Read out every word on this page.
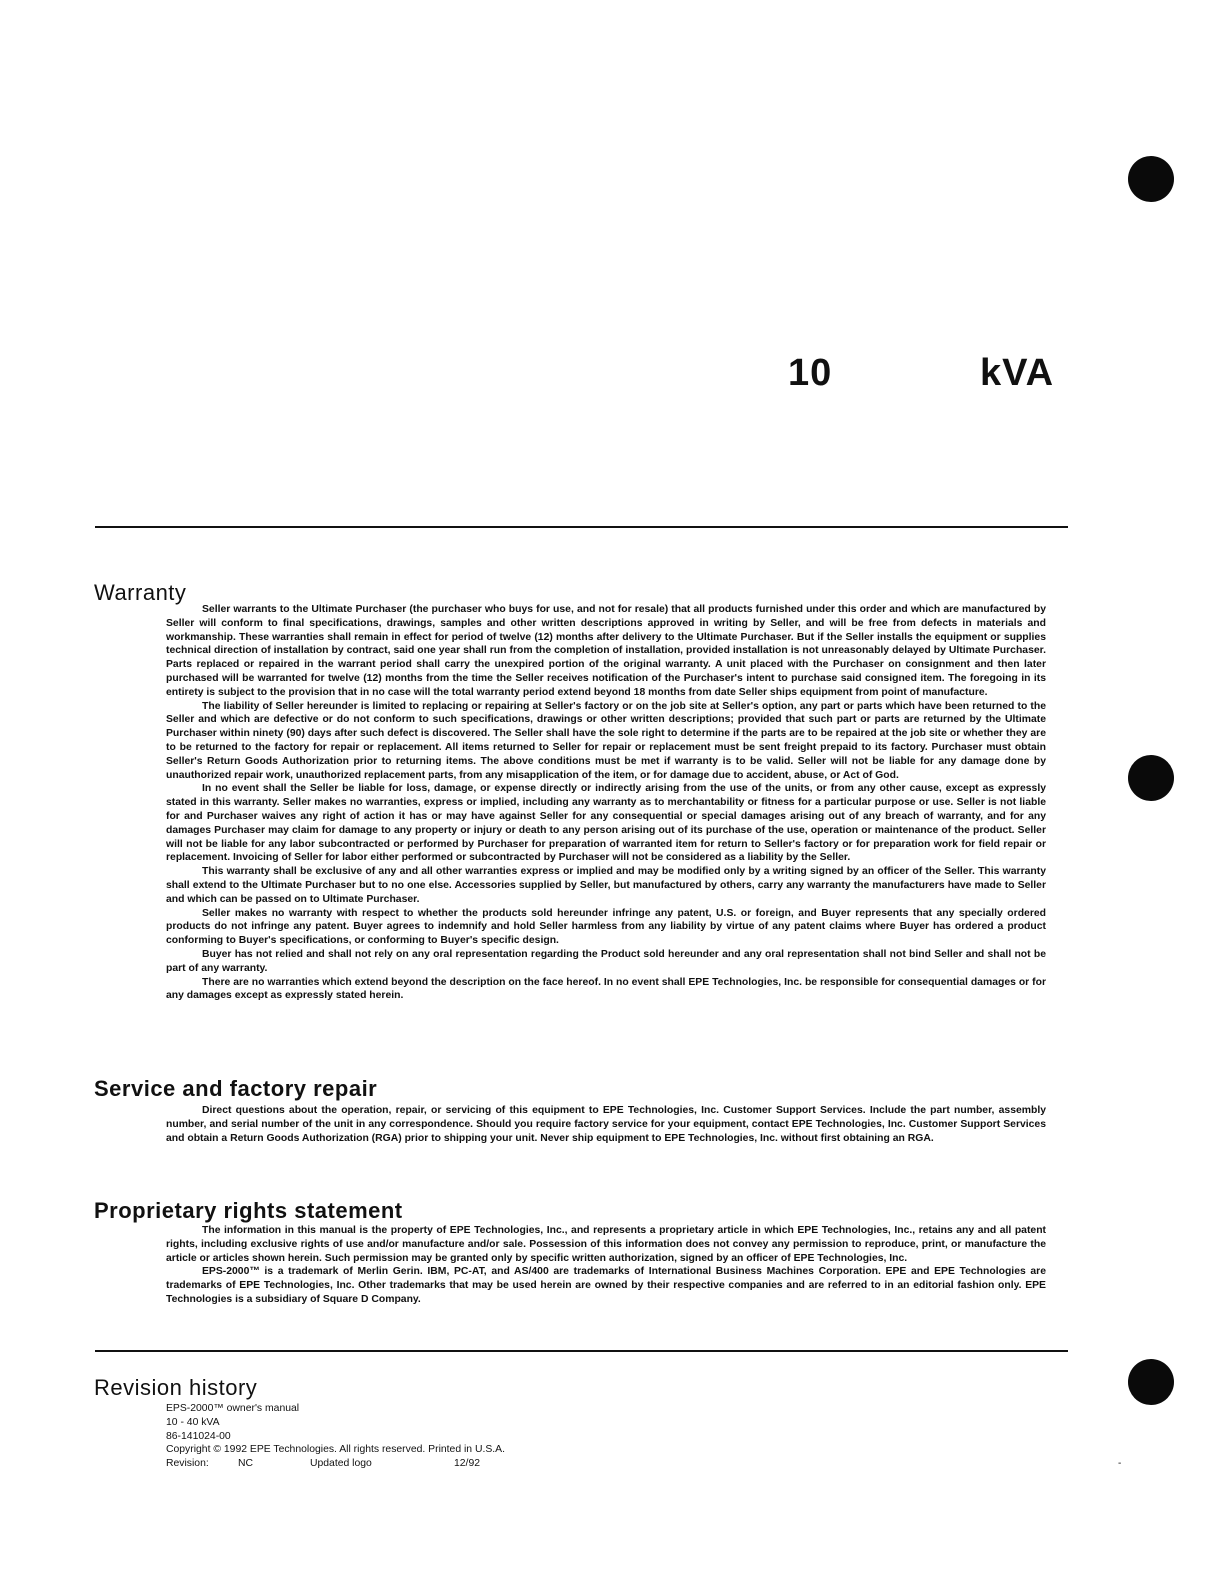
10	kVA
Warranty

Seller warrants to the Ultimate Purchaser (the purchaser who buys for use, and not for resale) that all products furnished under this order and which are manufactured by Seller will conform to final specifications, drawings, samples and other written descriptions approved in writing by Seller, and will be free from defects in materials and workmanship. These warranties shall remain in effect for period of twelve (12) months after delivery to the Ultimate Purchaser. But if the Seller installs the equipment or supplies technical direction of installation by contract, said one year shall run from the completion of installation, provided installation is not unreasonably delayed by Ultimate Purchaser. Parts replaced or repaired in the warrant period shall carry the unexpired portion of the original warranty. A unit placed with the Purchaser on consignment and then later purchased will be warranted for twelve (12) months from the time the Seller receives notification of the Purchaser's intent to purchase said consigned item. The foregoing in its entirety is subject to the provision that in no case will the total warranty period extend beyond 18 months from date Seller ships equipment from point of manufacture.

The liability of Seller hereunder is limited to replacing or repairing at Seller's factory or on the job site at Seller's option, any part or parts which have been returned to the Seller and which are defective or do not conform to such specifications, drawings or other written descriptions; provided that such part or parts are returned by the Ultimate Purchaser within ninety (90) days after such defect is discovered. The Seller shall have the sole right to determine if the parts are to be repaired at the job site or whether they are to be returned to the factory for repair or replacement. All items returned to Seller for repair or replacement must be sent freight prepaid to its factory. Purchaser must obtain Seller's Return Goods Authorization prior to returning items. The above conditions must be met if warranty is to be valid. Seller will not be liable for any damage done by unauthorized repair work, unauthorized replacement parts, from any misapplication of the item, or for damage due to accident, abuse, or Act of God.

In no event shall the Seller be liable for loss, damage, or expense directly or indirectly arising from the use of the units, or from any other cause, except as expressly stated in this warranty. Seller makes no warranties, express or implied, including any warranty as to merchantability or fitness for a particular purpose or use. Seller is not liable for and Purchaser waives any right of action it has or may have against Seller for any consequential or special damages arising out of any breach of warranty, and for any damages Purchaser may claim for damage to any property or injury or death to any person arising out of its purchase of the use, operation or maintenance of the product. Seller will not be liable for any labor subcontracted or performed by Purchaser for preparation of warranted item for return to Seller's factory or for preparation work for field repair or replacement. Invoicing of Seller for labor either performed or subcontracted by Purchaser will not be considered as a liability by the Seller.

This warranty shall be exclusive of any and all other warranties express or implied and may be modified only by a writing signed by an officer of the Seller. This warranty shall extend to the Ultimate Purchaser but to no one else. Accessories supplied by Seller, but manufactured by others, carry any warranty the manufacturers have made to Seller and which can be passed on to Ultimate Purchaser.

Seller makes no warranty with respect to whether the products sold hereunder infringe any patent, U.S. or foreign, and Buyer represents that any specially ordered products do not infringe any patent. Buyer agrees to indemnify and hold Seller harmless from any liability by virtue of any patent claims where Buyer has ordered a product conforming to Buyer's specifications, or conforming to Buyer's specific design.

Buyer has not relied and shall not rely on any oral representation regarding the Product sold hereunder and any oral representation shall not bind Seller and shall not be part of any warranty.

There are no warranties which extend beyond the description on the face hereof. In no event shall EPE Technologies, Inc. be responsible for consequential damages or for any damages except as expressly stated herein.

Service and factory repair

Direct questions about the operation, repair, or servicing of this equipment to EPE Technologies, Inc. Customer Support Services. Include the part number, assembly number, and serial number of the unit in any correspondence. Should you require factory service for your equipment, contact EPE Technologies, Inc. Customer Support Services and obtain a Return Goods Authorization (RGA) prior to shipping your unit. Never ship equipment to EPE Technologies, Inc. without first obtaining an RGA.

Proprietary rights statement

The information in this manual is the property of EPE Technologies, Inc., and represents a proprietary article in which EPE Technologies, Inc., retains any and all patent rights, including exclusive rights of use and/or manufacture and/or sale. Possession of this information does not convey any permission to reproduce, print, or manufacture the article or articles shown herein. Such permission may be granted only by specific written authorization, signed by an officer of EPE Technologies, Inc.

EPS-2000™ is a trademark of Merlin Gerin. IBM, PC-AT, and AS/400 are trademarks of International Business Machines Corporation. EPE and EPE Technologies are trademarks of EPE Technologies, Inc. Other trademarks that may be used herein are owned by their respective companies and are referred to in an editorial fashion only. EPE Technologies is a subsidiary of Square D Company.

Revision history
EPS-2000™ owner's manual
10 - 40 kVA
86-141024-00
Copyright © 1992 EPE Technologies. All rights reserved. Printed in U.S.A.
Revision:	NC	Updated logo	12/92	-
